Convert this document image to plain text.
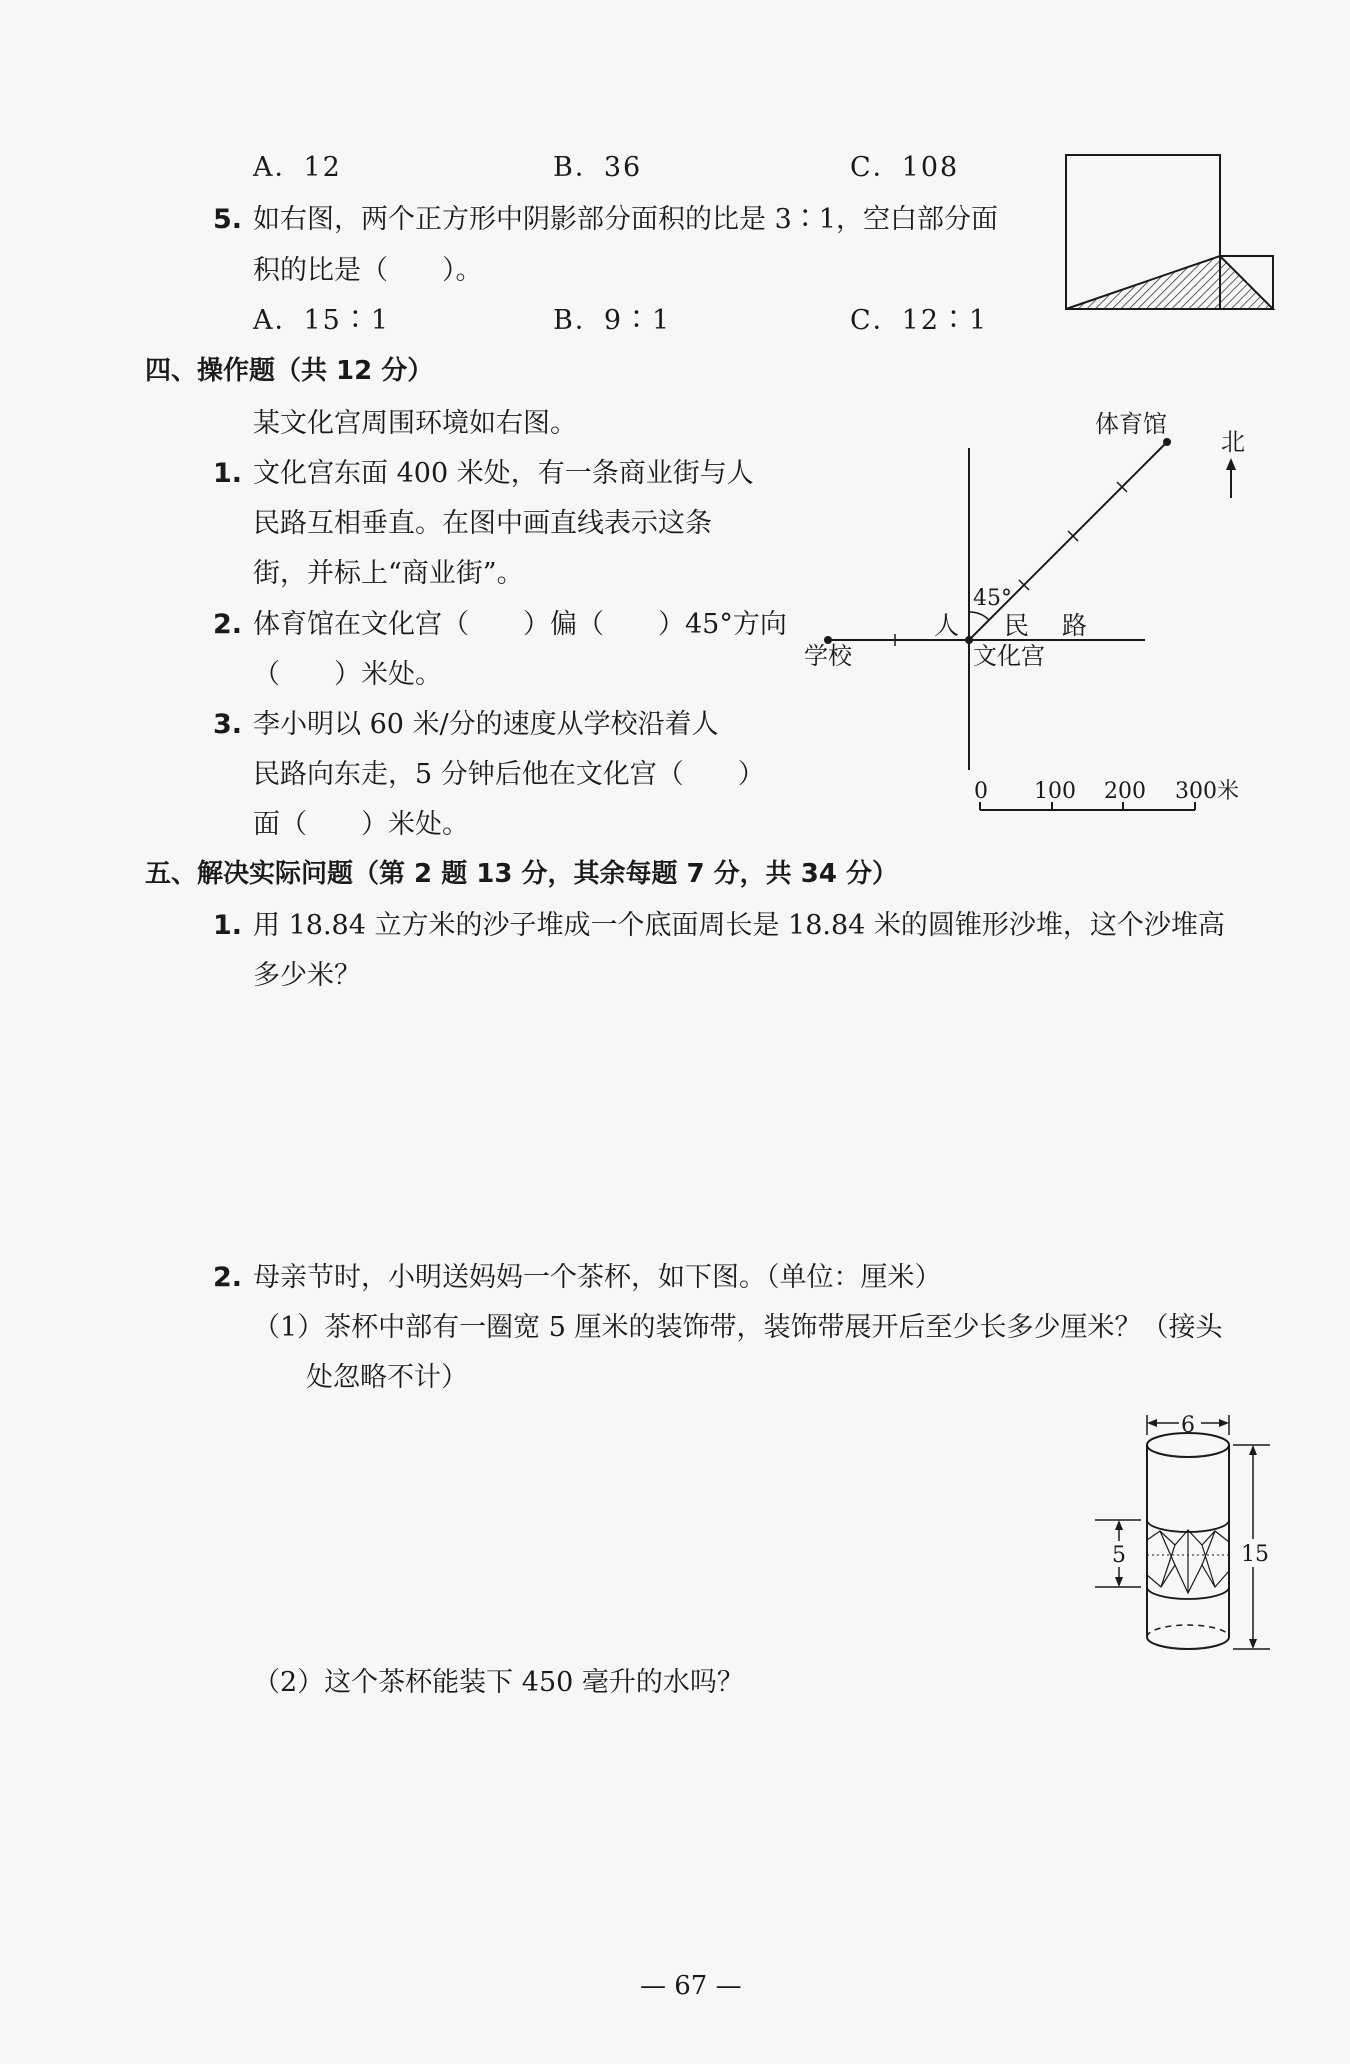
A．12	B．36	C．108
5. 如右图，两个正方形中阴影部分面积的比是 3∶1，空白部分面
积的比是（　　）。
A．15∶1	B．9∶1	C．12∶1
四、操作题（共 12 分）
某文化宫周围环境如右图。
1. 文化宫东面 400 米处，有一条商业街与人
民路互相垂直。在图中画直线表示这条
街，并标上“商业街”。
2. 体育馆在文化宫（　　）偏（　　）45°方向
（　　）米处。
3. 李小明以 60 米/分的速度从学校沿着人
民路向东走，5 分钟后他在文化宫（　　）
面（　　）米处。
体育馆
北
45°
人 民 路
学校	文化宫
0 100 200 300米
五、解决实际问题（第 2 题 13 分，其余每题 7 分，共 34 分）
1. 用 18.84 立方米的沙子堆成一个底面周长是 18.84 米的圆锥形沙堆，这个沙堆高
多少米？
2. 母亲节时，小明送妈妈一个茶杯，如下图。（单位：厘米）
（1）茶杯中部有一圈宽 5 厘米的装饰带，装饰带展开后至少长多少厘米？（接头
处忽略不计）
（2）这个茶杯能装下 450 毫升的水吗？
6
5	15
— 67 —
